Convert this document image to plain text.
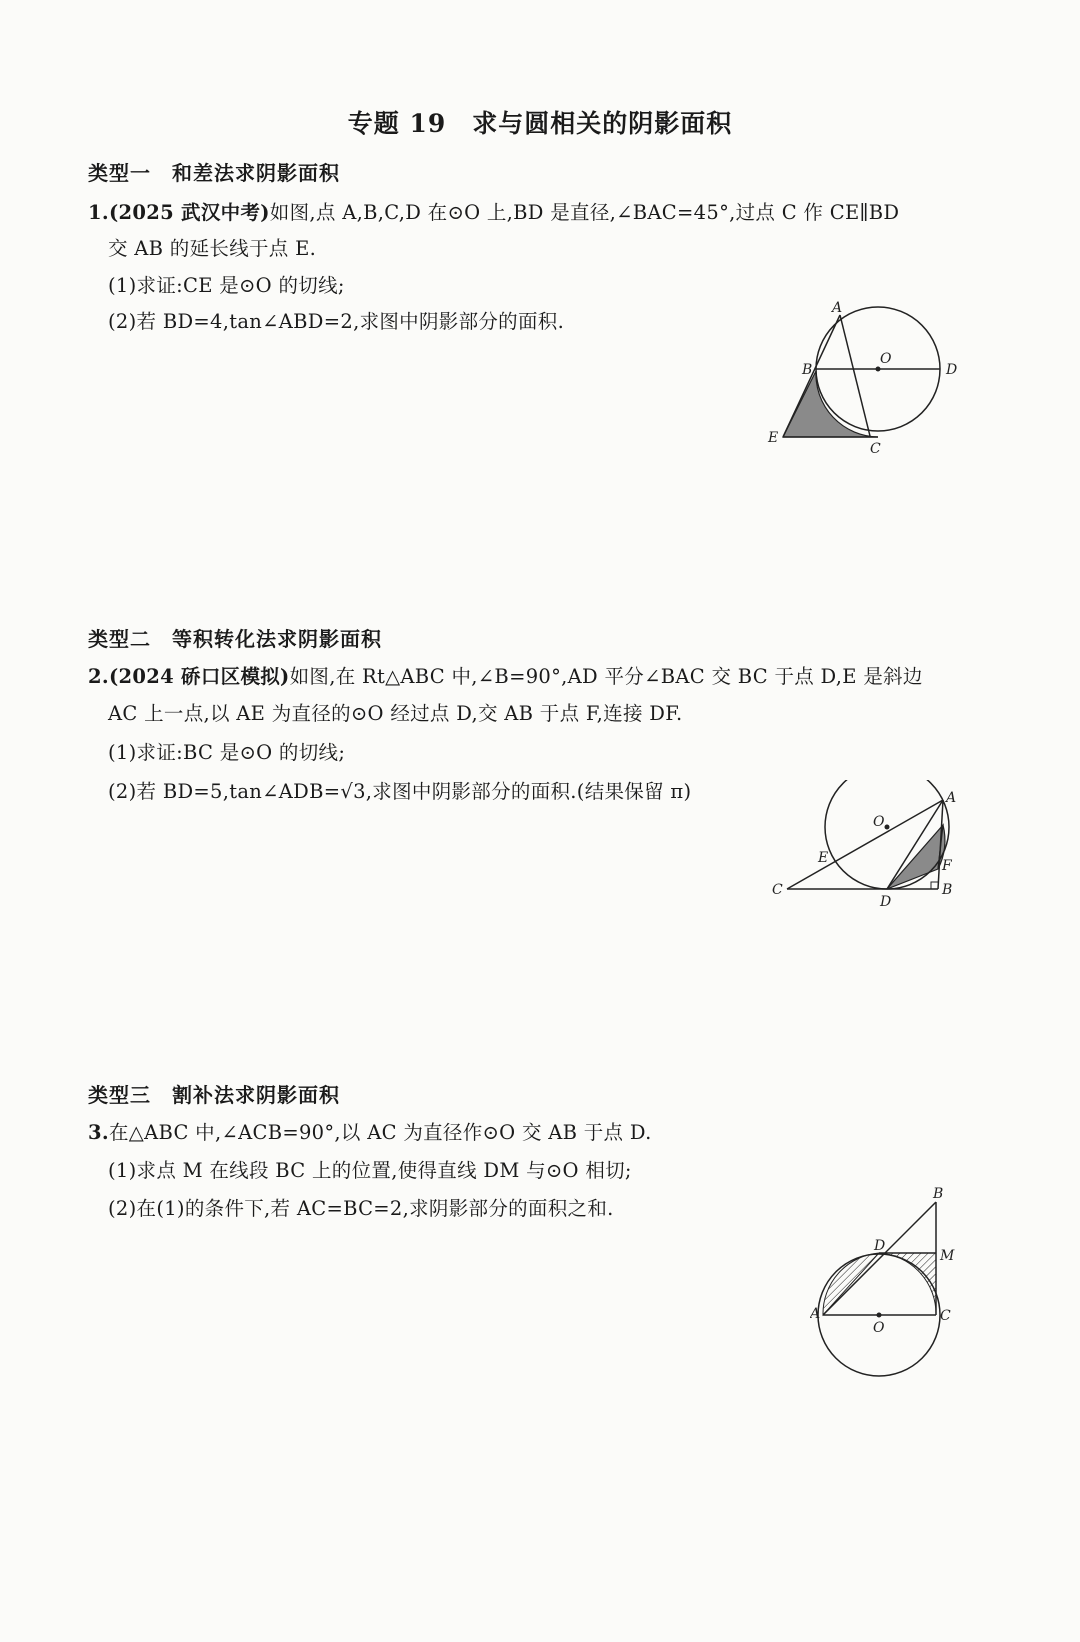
专题 19　求与圆相关的阴影面积
类型一　和差法求阴影面积
1.(2025 武汉中考)如图,点 A,B,C,D 在⊙O 上,BD 是直径,∠BAC=45°,过点 C 作 CE∥BD
交 AB 的延长线于点 E.
(1)求证:CE 是⊙O 的切线;
(2)若 BD=4,tan∠ABD=2,求图中阴影部分的面积.
A
B
O
D
E
C
类型二　等积转化法求阴影面积
2.(2024 硚口区模拟)如图,在 Rt△ABC 中,∠B=90°,AD 平分∠BAC 交 BC 于点 D,E 是斜边
AC 上一点,以 AE 为直径的⊙O 经过点 D,交 AB 于点 F,连接 DF.
(1)求证:BC 是⊙O 的切线;
(2)若 BD=5,tan∠ADB=√3,求图中阴影部分的面积.(结果保留 π)	A
O
E	F
C
D
B
类型三　割补法求阴影面积
3.在△ABC 中,∠ACB=90°,以 AC 为直径作⊙O 交 AB 于点 D.
(1)求点 M 在线段 BC 上的位置,使得直线 DM 与⊙O 相切;
(2)在(1)的条件下,若 AC=BC=2,求阴影部分的面积之和.
B
D
M
A	C
O
